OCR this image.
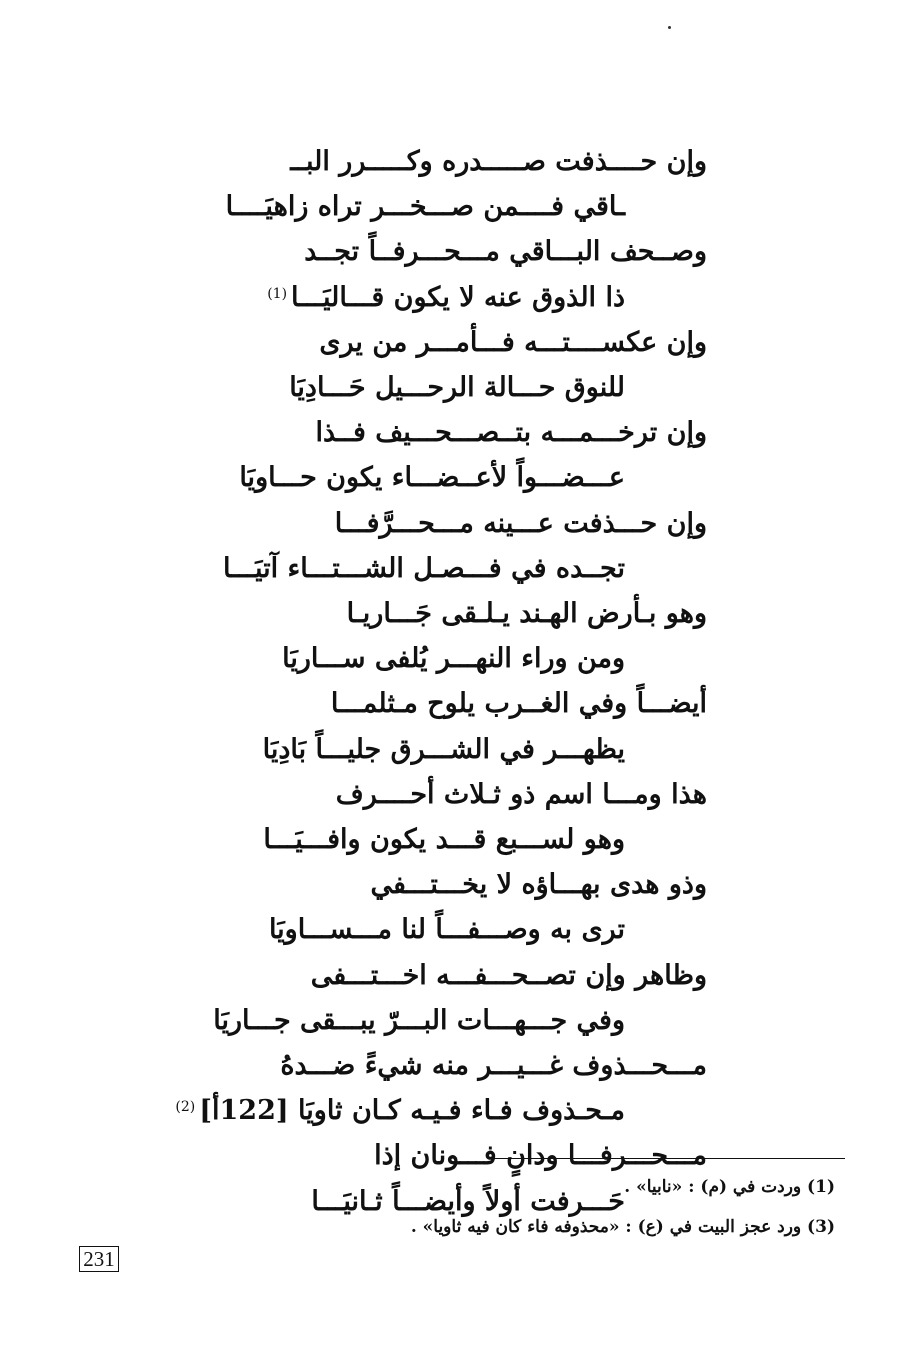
وإن حــــذفت صـــــدره وكـــــرر البــ
ـاقي فــــمن صـــخـــر تراه زاهيَــــا
وصــحف البـــاقي مـــحـــرفــاً تجــد
ذا الذوق عنه لا يكون قـــاليَـــا$^{(1)}$
وإن عكســــتـــه فـــأمـــر من يرى
للنوق حـــالة الرحـــيل حَـــادِيَا
وإن ترخـــمـــه بتــصـــحـــيف فــذا
عـــضـــواً لأعــضـــاء يكون حـــاويَا
وإن حـــذفت عـــينه مـــحـــرَّفـــا
تجــده في فـــصـل الشـــتـــاء آتيَـــا
وهو بـأرض الهـند يـلـقى جَـــاريـا
ومن وراء النهـــر يُلفى ســـاريَا
أيضـــاً وفي الغــرب يلوح مـثلمـــا
يظهـــر في الشـــرق جليـــاً بَادِيَا
هذا ومـــا اسم ذو ثـلاث أحــــرف
وهو لســـبع قـــد يكون وافـــيَـــا
وذو هدى بهـــاؤه لا يخـــتـــفي
ترى به وصـــفـــاً لنا مـــســـاويَا
وظاهر وإن تصــحـــفـــه اخـــتـــفى
وفي جـــهـــات البـــرّ يبـــقى جـــاريَا
مـــحـــذوف غـــيـــر منه شيءً ضـــدهُ
مـحـذوف فـاء فـيـه كـان ثاويَا [122أ]$^{(2)}$
مـــحـــرفـــا ودانٍ فـــونان إذا
حَـــرفت أولاً وأيضـــاً ثـانيَـــا (1) وردت في (م) : «نابيا» .
(3) ورد عجز البيت في (ع) : «محذوفه فاء كان فيه ثاويا» .
231
